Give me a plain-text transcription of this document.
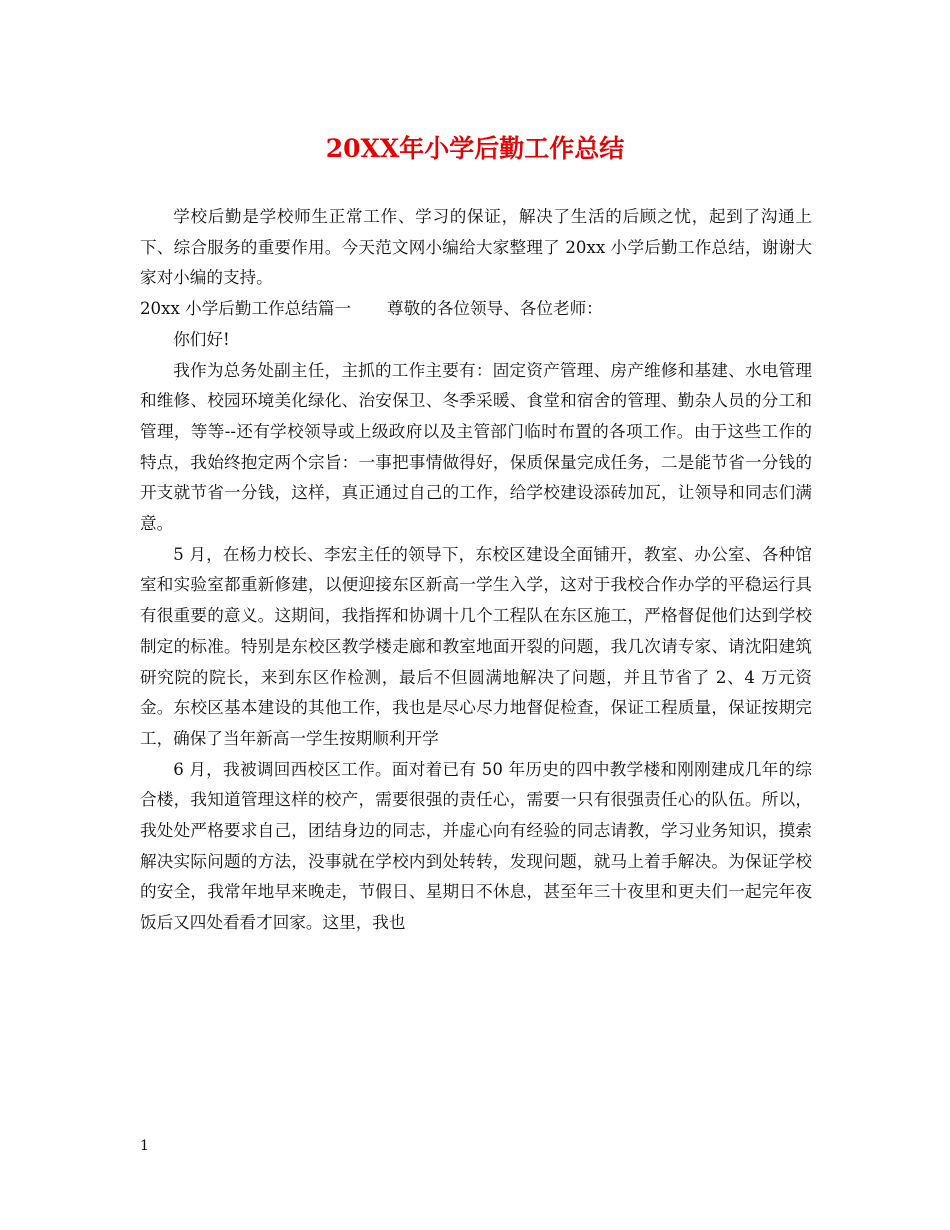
20XX年小学后勤工作总结

学校后勤是学校师生正常工作、学习的保证，解决了生活的后顾之忧，起到了沟通上下、综合服务的重要作用。今天范文网小编给大家整理了 20xx 小学后勤工作总结，谢谢大家对小编的支持。

20xx 小学后勤工作总结篇一 尊敬的各位领导、各位老师：

你们好!

我作为总务处副主任，主抓的工作主要有：固定资产管理、房产维修和基建、水电管理和维修、校园环境美化绿化、治安保卫、冬季采暖、食堂和宿舍的管理、勤杂人员的分工和管理，等等--还有学校领导或上级政府以及主管部门临时布置的各项工作。由于这些工作的特点，我始终抱定两个宗旨：一事把事情做得好，保质保量完成任务，二是能节省一分钱的开支就节省一分钱，这样，真正通过自己的工作，给学校建设添砖加瓦，让领导和同志们满意。

5 月，在杨力校长、李宏主任的领导下，东校区建设全面铺开，教室、办公室、各种馆室和实验室都重新修建，以便迎接东区新高一学生入学，这对于我校合作办学的平稳运行具有很重要的意义。这期间，我指挥和协调十几个工程队在东区施工，严格督促他们达到学校制定的标准。特别是东校区教学楼走廊和教室地面开裂的问题，我几次请专家、请沈阳建筑研究院的院长，来到东区作检测，最后不但圆满地解决了问题，并且节省了 2、4 万元资金。东校区基本建设的其他工作，我也是尽心尽力地督促检查，保证工程质量，保证按期完工，确保了当年新高一学生按期顺利开学

6 月，我被调回西校区工作。面对着已有 50 年历史的四中教学楼和刚刚建成几年的综合楼，我知道管理这样的校产，需要很强的责任心，需要一只有很强责任心的队伍。所以，我处处严格要求自己，团结身边的同志，并虚心向有经验的同志请教，学习业务知识，摸索解决实际问题的方法，没事就在学校内到处转转，发现问题，就马上着手解决。为保证学校的安全，我常年地早来晚走，节假日、星期日不休息，甚至年三十夜里和更夫们一起完年夜饭后又四处看看才回家。这里，我也

1
